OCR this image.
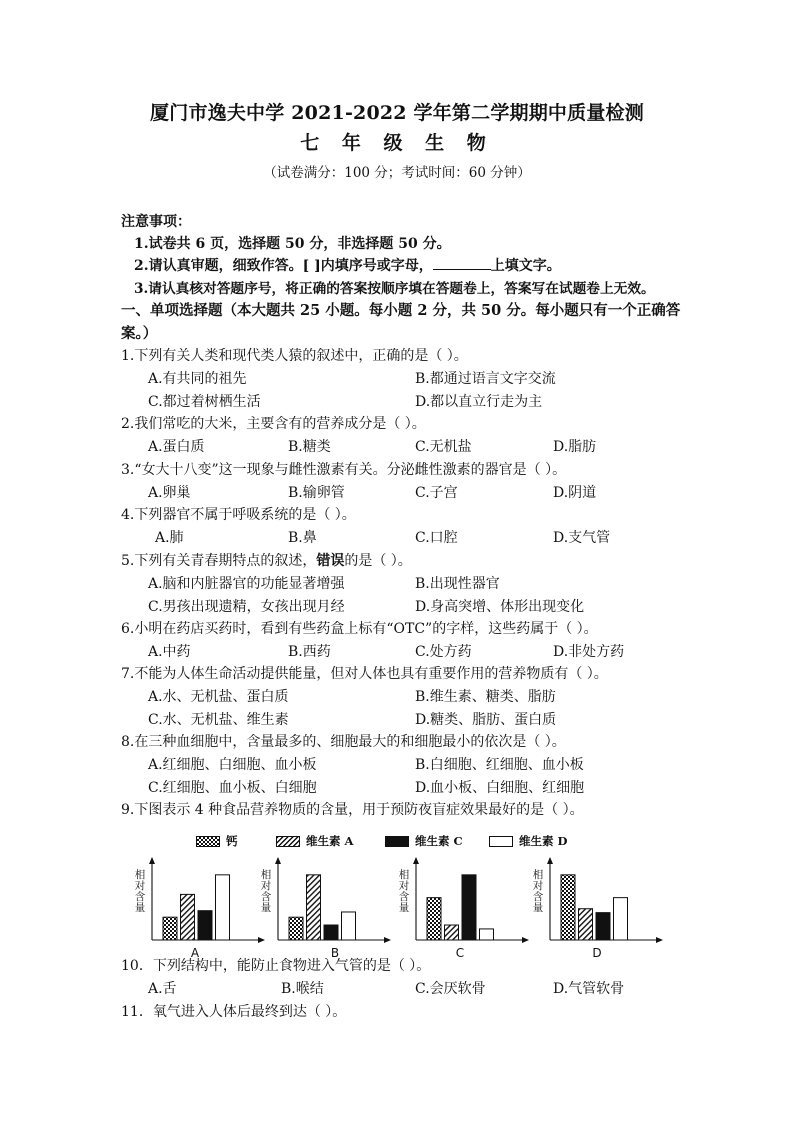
厦门市逸夫中学 2021-2022 学年第二学期期中质量检测
七 年 级 生 物
（试卷满分：100 分；考试时间：60 分钟）
注意事项：
1.试卷共 6 页，选择题 50 分，非选择题 50 分。
2.请认真审题，细致作答。[ ]内填序号或字母，	上填文字。
3.请认真核对答题序号，将正确的答案按顺序填在答题卷上，答案写在试题卷上无效。
一、单项选择题（本大题共 25 小题。每小题 2 分，共 50 分。每小题只有一个正确答
案。）
1.下列有关人类和现代类人猿的叙述中，正确的是（ ）。
A.有共同的祖先	B.都通过语言文字交流
C.都过着树栖生活	D.都以直立行走为主
2.我们常吃的大米，主要含有的营养成分是（ ）。
A.蛋白质	B.糖类	C.无机盐	D.脂肪
3.“女大十八变”这一现象与雌性激素有关。分泌雌性激素的器官是（ ）。
A.卵巢	B.输卵管	C.子宫	D.阴道
4.下列器官不属于呼吸系统的是（ ）。
A.肺	B.鼻	C.口腔	D.支气管
5.下列有关青春期特点的叙述，错误的是（ ）。
A.脑和内脏器官的功能显著增强	B.出现性器官
C.男孩出现遗精，女孩出现月经	D.身高突增、体形出现变化
6.小明在药店买药时，看到有些药盒上标有“OTC”的字样，这些药属于（ ）。
A.中药	B.西药	C.处方药	D.非处方药
7.不能为人体生命活动提供能量，但对人体也具有重要作用的营养物质有（ ）。
A.水、无机盐、蛋白质	B.维生素、糖类、脂肪
C.水、无机盐、维生素	D.糖类、脂肪、蛋白质
8.在三种血细胞中，含量最多的、细胞最大的和细胞最小的依次是（ ）。
A.红细胞、白细胞、血小板	B.白细胞、红细胞、血小板
C.红细胞、血小板、白细胞	D.血小板、白细胞、红细胞
9.下图表示 4 种食品营养物质的含量，用于预防夜盲症效果最好的是（ ）。
钙	维生素 A	维生素 C	维生素 D
相
对
含
量
A
相
对
含
量
B
相
对
含
量
C
相
对
含
量
D
10．下列结构中，能防止食物进入气管的是（ ）。
A.舌	B.喉结	C.会厌软骨	D.气管软骨
11．氧气进入人体后最终到达（ ）。
